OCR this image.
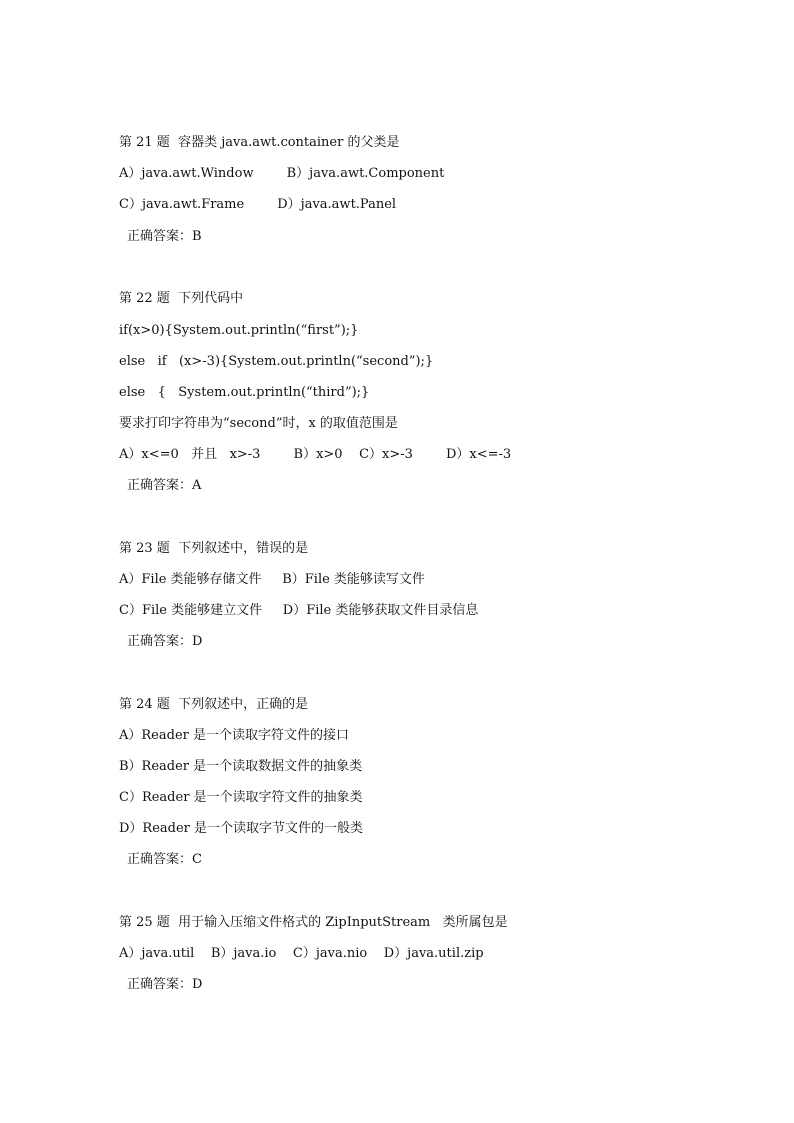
第 21 题  容器类 java.awt.container 的父类是
A）java.awt.Window        B）java.awt.Component
C）java.awt.Frame        D）java.awt.Panel
正确答案：B
第 22 题  下列代码中
if(x>0){System.out.println(“first”);}
else   if   (x>-3){System.out.println(“second”);}
else   {   System.out.println(“third”);}
要求打印字符串为“second”时，x 的取值范围是
A）x<=0   并且   x>-3        B）x>0    C）x>-3        D）x<=-3
正确答案：A
第 23 题  下列叙述中，错误的是
A）File 类能够存储文件     B）File 类能够读写文件
C）File 类能够建立文件     D）File 类能够获取文件目录信息
正确答案：D
第 24 题  下列叙述中，正确的是
A）Reader 是一个读取字符文件的接口
B）Reader 是一个读取数据文件的抽象类
C）Reader 是一个读取字符文件的抽象类
D）Reader 是一个读取字节文件的一般类
正确答案：C
第 25 题  用于输入压缩文件格式的 ZipInputStream   类所属包是
A）java.util    B）java.io    C）java.nio    D）java.util.zip
正确答案：D
